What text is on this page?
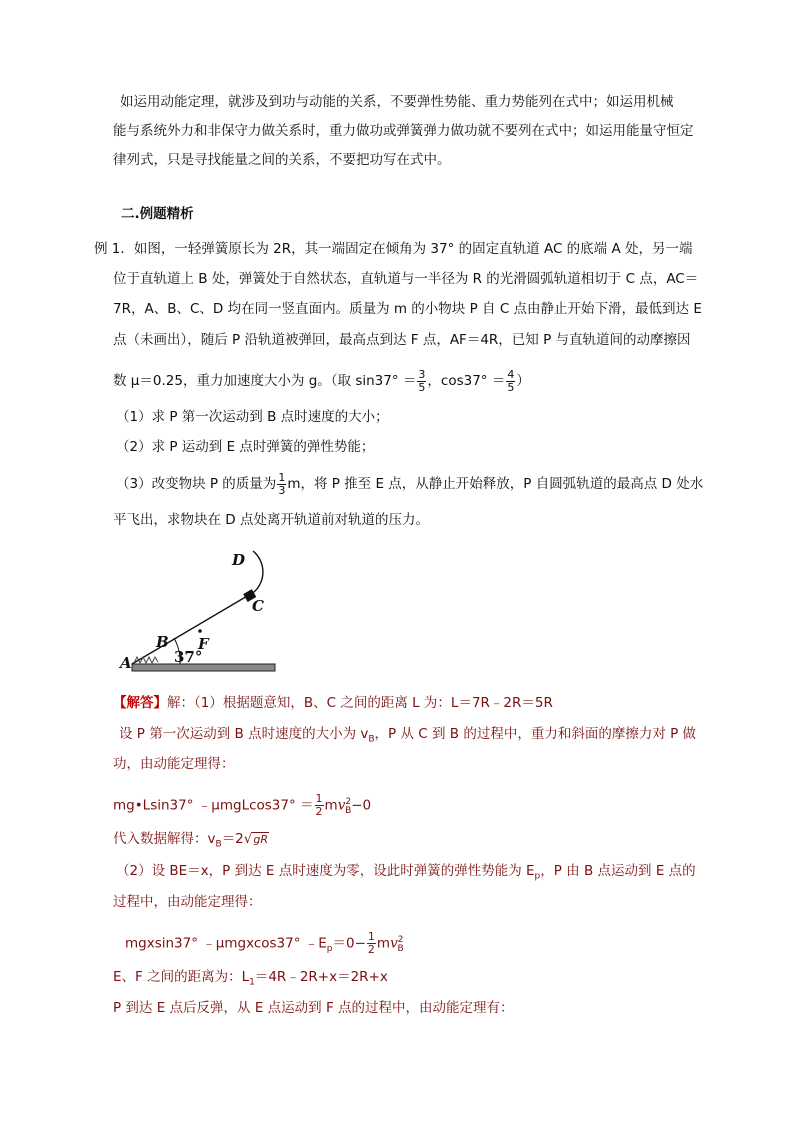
如运用动能定理，就涉及到功与动能的关系，不要弹性势能、重力势能列在式中；如运用机械
能与系统外力和非保守力做关系时，重力做功或弹簧弹力做功就不要列在式中；如运用能量守恒定
律列式，只是寻找能量之间的关系，不要把功写在式中。
二.例题精析
例 1．如图，一轻弹簧原长为 2R，其一端固定在倾角为 37° 的固定直轨道 AC 的底端 A 处，另一端
位于直轨道上 B 处，弹簧处于自然状态，直轨道与一半径为 R 的光滑圆弧轨道相切于 C 点，AC＝
7R，A、B、C、D 均在同一竖直面内。质量为 m 的小物块 P 自 C 点由静止开始下滑，最低到达 E
点（未画出），随后 P 沿轨道被弹回，最高点到达 F 点，AF＝4R，已知 P 与直轨道间的动摩擦因
数 μ＝0.25，重力加速度大小为 g。（取 $\sin 37^\circ = \frac{3}{5}$ ，$\cos 37^\circ = \frac{4}{5}$ ）
（1）求 P 第一次运动到 B 点时速度的大小；
（2）求 P 运动到 E 点时弹簧的弹性势能；
（3）改变物块 P 的质量为 $\frac{1}{3}$ m，将 P 推至 E 点，从静止开始释放，P 自圆弧轨道的最高点 D 处水
平飞出，求物块在 D 点处离开轨道前对轨道的压力。
D
C
F
B
A	37°
【解答】解：（1）根据题意知，B、C 之间的距离 L 为：L＝7R﹣2R＝5R
设 P 第一次运动到 B 点时速度的大小为 $v_B$，P 从 C 到 B 的过程中，重力和斜面的摩擦力对 P 做
功，由动能定理得：
mg•Lsin37° ﹣μmgLcos37° ＝ $\frac{1}{2} mv^2_B-0$
代入数据解得：$v_B=2√gR$
（2）设 BE＝x，P 到达 E 点时速度为零，设此时弹簧的弹性势能为 $E_p$，P 由 B 点运动到 E 点的
过程中，由动能定理得：
mgxsin37° ﹣μmgxcos37° $﹣E_p=0- \frac{1}{2} mv^2_B$
E、F 之间的距离为：$L_1=4R﹣2R+x=2R+x$
P 到达 E 点后反弹，从 E 点运动到 F 点的过程中，由动能定理有：
